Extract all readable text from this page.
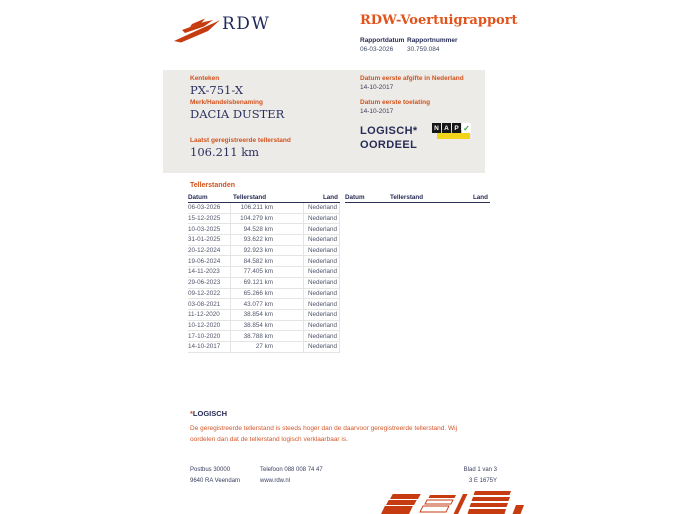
RDW	RDW-Voertuigrapport
Rapportdatum Rapportnummer
06-03-2026 30.759.084
Kenteken
PX-751-X
Merk/Handelsbenaming
DACIA DUSTER
Laatst geregistreerde tellerstand
106.211 km
Datum eerste afgifte in Nederland
14-10-2017
Datum eerste toelating
14-10-2017
LOGISCH*
OORDEEL
N A P ✓
Tellerstanden
Datum	Tellerstand	Land
06-03-2026	106.211 km	Nederland
15-12-2025	104.279 km	Nederland
10-03-2025	94.528 km	Nederland
31-01-2025	93.622 km	Nederland
20-12-2024	92.923 km	Nederland
19-06-2024	84.582 km	Nederland
14-11-2023	77.405 km	Nederland
29-06-2023	69.121 km	Nederland
09-12-2022	65.266 km	Nederland
03-08-2021	43.077 km	Nederland
11-12-2020	38.854 km	Nederland
10-12-2020	38.854 km	Nederland
17-10-2020	38.788 km	Nederland
14-10-2017	27 km	Nederland
Datum	Tellerstand	Land
*LOGISCH
De geregistreerde tellerstand is steeds hoger dan de daarvoor geregistreerde tellerstand. Wij oordelen dan dat de tellerstand logisch verklaarbaar is.
Postbus 30000
9640 RA Veendam
Telefoon 088 008 74 47
www.rdw.nl
Blad 1 van 3
3 E 1675Y
